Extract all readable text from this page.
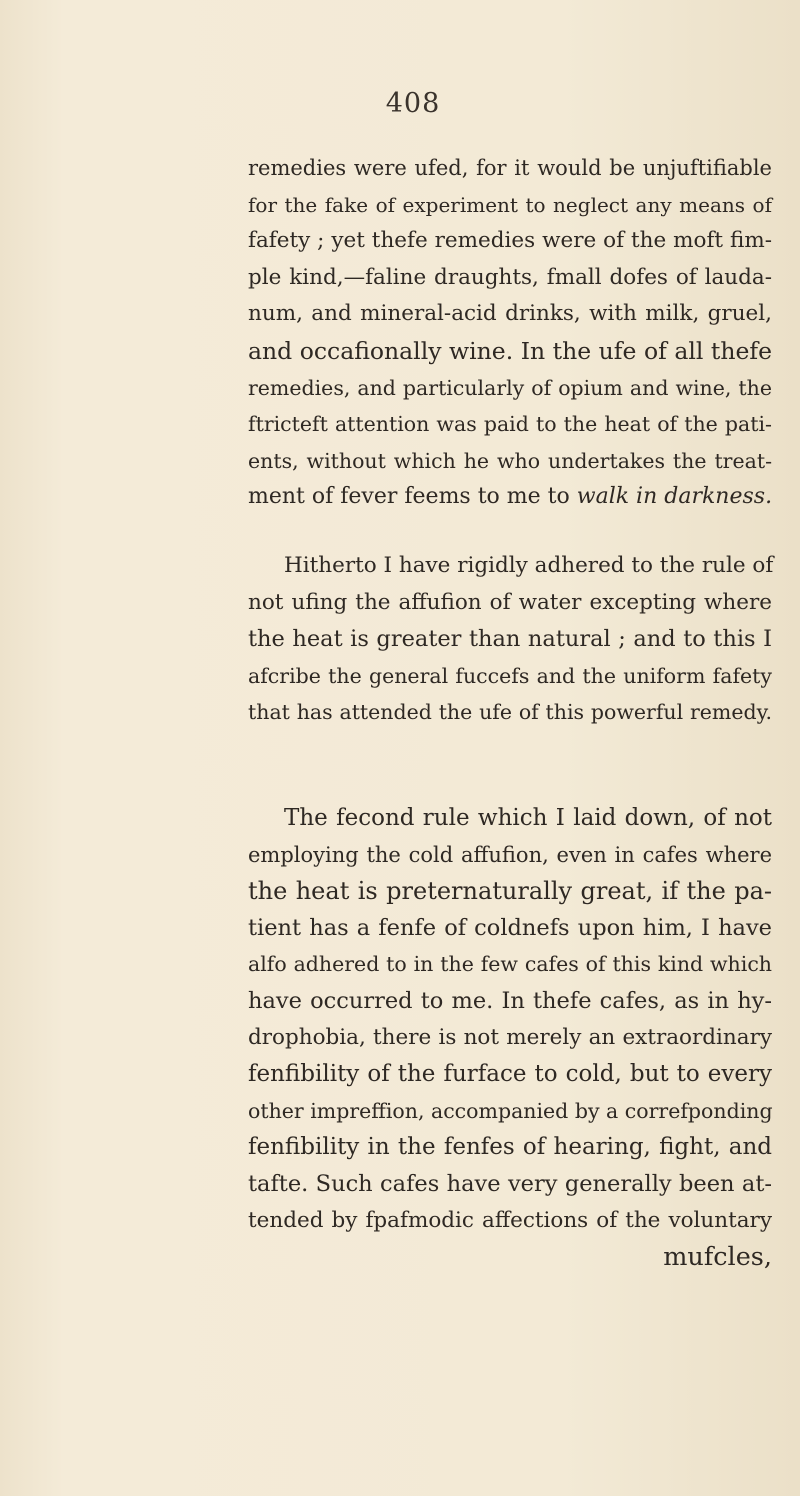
408
remedies were ufed, for it would be unjuftifiable
for the fake of experiment to neglect any means of
fafety ; yet thefe remedies were of the moft fim-
ple kind,—faline draughts, fmall dofes of lauda-
num, and mineral-acid drinks, with milk, gruel,
and occafionally wine. In the ufe of all thefe
remedies, and particularly of opium and wine, the
ftricteft attention was paid to the heat of the pati-
ents, without which he who undertakes the treat-
ment of fever feems to me to walk in darkness.
Hitherto I have rigidly adhered to the rule of
not ufing the affufion of water excepting where
the heat is greater than natural ; and to this I
afcribe the general fuccefs and the uniform fafety
that has attended the ufe of this powerful remedy.
The fecond rule which I laid down, of not
employing the cold affufion, even in cafes where
the heat is preternaturally great, if the pa-
tient has a fenfe of coldnefs upon him, I have
alfo adhered to in the few cafes of this kind which
have occurred to me. In thefe cafes, as in hy-
drophobia, there is not merely an extraordinary
fenfibility of the furface to cold, but to every
other impreffion, accompanied by a correfponding
fenfibility in the fenfes of hearing, fight, and
tafte. Such cafes have very generally been at-
tended by fpafmodic affections of the voluntary
mufcles,
